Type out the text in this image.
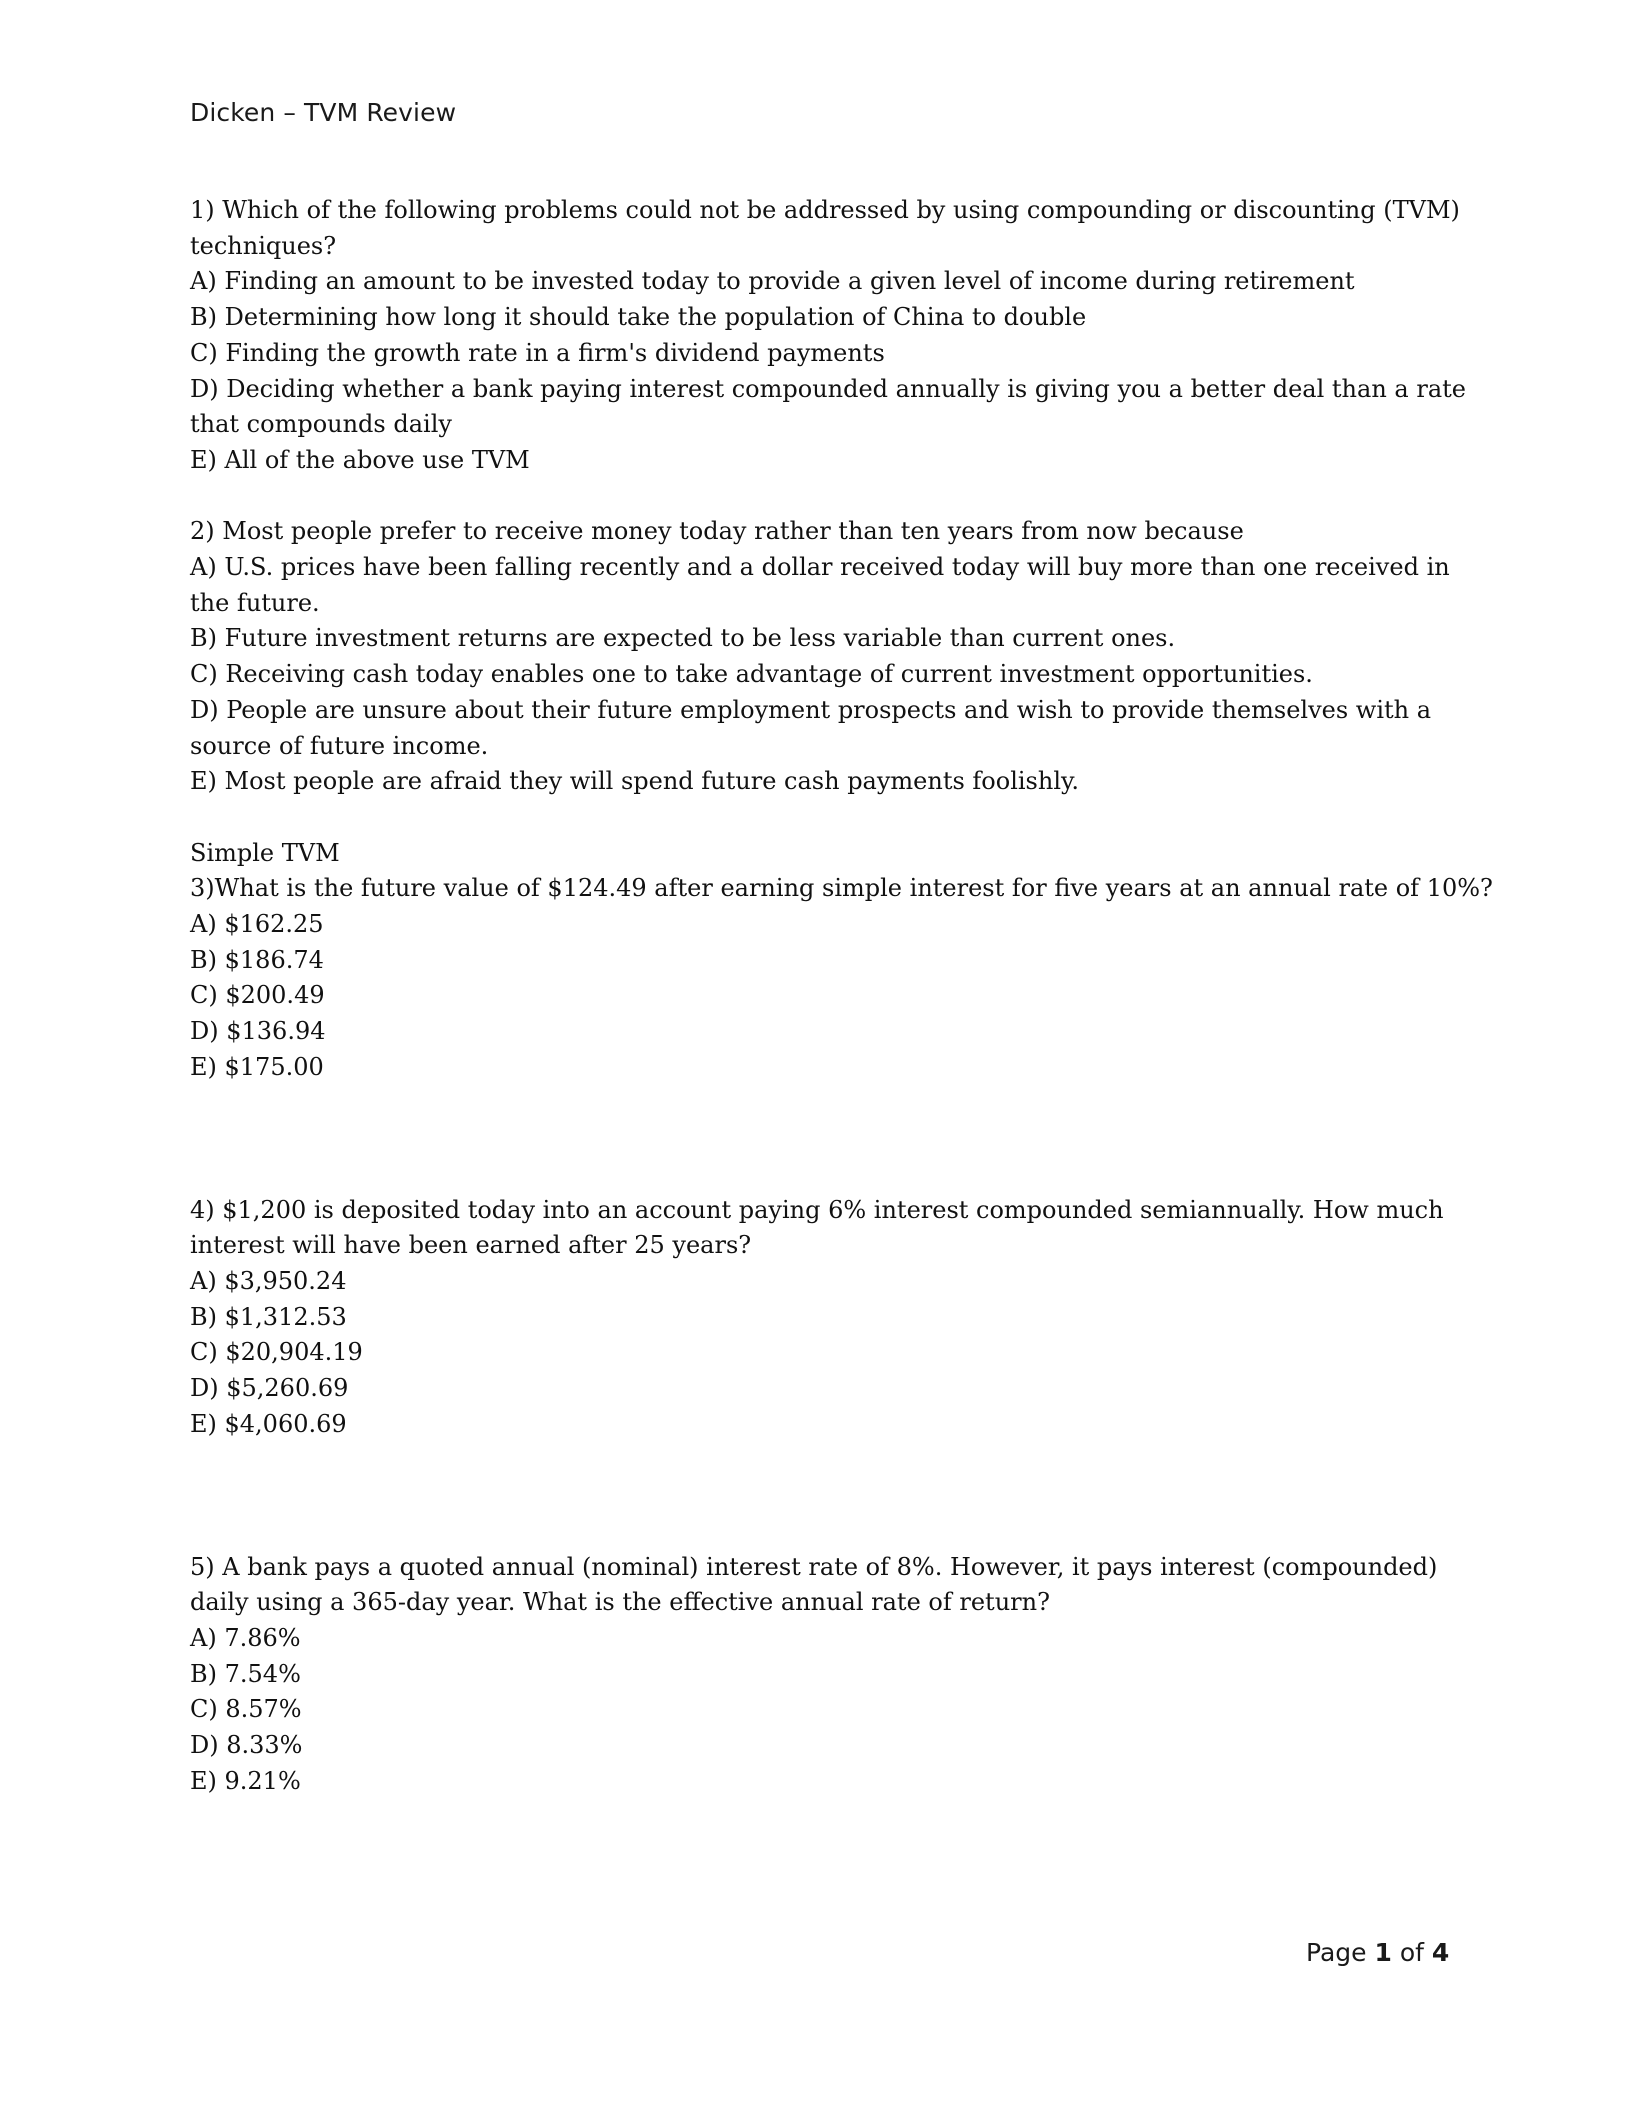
Dicken – TVM Review
1) Which of the following problems could not be addressed by using compounding or discounting (TVM)
techniques?
A) Finding an amount to be invested today to provide a given level of income during retirement
B) Determining how long it should take the population of China to double
C) Finding the growth rate in a firm's dividend payments
D) Deciding whether a bank paying interest compounded annually is giving you a better deal than a rate
that compounds daily
E) All of the above use TVM
2) Most people prefer to receive money today rather than ten years from now because
A) U.S. prices have been falling recently and a dollar received today will buy more than one received in
the future.
B) Future investment returns are expected to be less variable than current ones.
C) Receiving cash today enables one to take advantage of current investment opportunities.
D) People are unsure about their future employment prospects and wish to provide themselves with a
source of future income.
E) Most people are afraid they will spend future cash payments foolishly.
Simple TVM
3)What is the future value of $124.49 after earning simple interest for five years at an annual rate of 10%?
A) $162.25
B) $186.74
C) $200.49
D) $136.94
E) $175.00
4) $1,200 is deposited today into an account paying 6% interest compounded semiannually. How much
interest will have been earned after 25 years?
A) $3,950.24
B) $1,312.53
C) $20,904.19
D) $5,260.69
E) $4,060.69
5) A bank pays a quoted annual (nominal) interest rate of 8%. However, it pays interest (compounded)
daily using a 365-day year. What is the effective annual rate of return?
A) 7.86%
B) 7.54%
C) 8.57%
D) 8.33%
E) 9.21%
Page 1 of 4
